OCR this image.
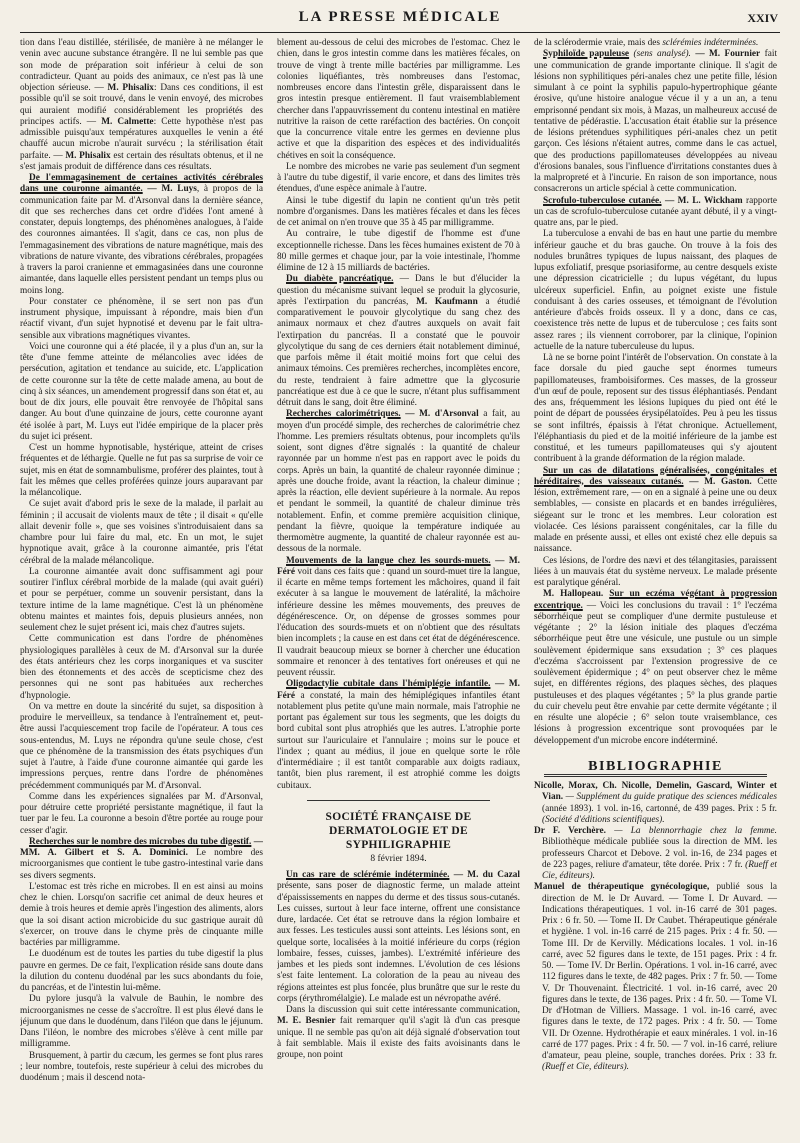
LA PRESSE MÉDICALE	XXIV

tion dans l'eau distillée, stérilisée, de manière à ne mélanger le venin avec aucune substance étrangère. Il ne lui semble pas que son mode de préparation soit inférieur à celui de son contradicteur. Quant au poids des animaux, ce n'est pas là une objection sérieuse. — M. Phisalix: Dans ces conditions, il est possible qu'il se soit trouvé, dans le venin envoyé, des microbes qui auraient modifié considérablement les propriétés des principes actifs. — M. Calmette: Cette hypothèse n'est pas admissible puisqu'aux températures auxquelles le venin a été chauffé aucun microbe n'aurait survécu ; la stérilisation était parfaite. — M. Phisalix est certain des résultats obtenus, et il ne s'est jamais produit de différence dans ces résultats.

De l'emmagasinement de certaines activités cérébrales dans une couronne aimantée. — M. Luys, à propos de la communication faite par M. d'Arsonval dans la dernière séance, dit que ses recherches dans cet ordre d'idées l'ont amené à constater, depuis longtemps, des phénomènes analogues, à l'aide des couronnes aimantées. Il s'agit, dans ce cas, non plus de l'emmagasinement des vibrations de nature magnétique, mais des vibrations de nature vivante, des vibrations cérébrales, propagées à travers la paroi cranienne et emmagasinées dans une couronne aimantée, dans laquelle elles persistent pendant un temps plus ou moins long.

Pour constater ce phénomène, il se sert non pas d'un instrument physique, impuissant à répondre, mais bien d'un réactif vivant, d'un sujet hypnotisé et devenu par le fait ultra-sensible aux vibrations magnétiques vivantes.

Voici une couronne qui a été placée, il y a plus d'un an, sur la tête d'une femme atteinte de mélancolies avec idées de persécution, agitation et tendance au suicide, etc. L'application de cette couronne sur la tête de cette malade amena, au bout de cinq à six séances, un amendement progressif dans son état et, au bout de dix jours, elle pouvait être renvoyée de l'hôpital sans danger. Au bout d'une quinzaine de jours, cette couronne ayant été isolée à part, M. Luys eut l'idée empirique de la placer près du sujet ici présent.

C'est un homme hypnotisable, hystérique, atteint de crises fréquentes et de léthargie. Quelle ne fut pas sa surprise de voir ce sujet, mis en état de somnambulisme, proférer des plaintes, tout à fait les mêmes que celles proférées quinze jours auparavant par la mélancolique.

Ce sujet avait d'abord pris le sexe de la malade, il parlait au féminin ; il accusait de violents maux de tête ; il disait « qu'elle allait devenir folle », que ses voisines s'introduisaient dans sa chambre pour lui faire du mal, etc. En un mot, le sujet hypnotique avait, grâce à la couronne aimantée, pris l'état cérébral de la malade mélancolique.

La couronne aimantée avait donc suffisamment agi pour soutirer l'influx cérébral morbide de la malade (qui avait guéri) et pour se perpétuer, comme un souvenir persistant, dans la texture intime de la lame magnétique. C'est là un phénomène obtenu maintes et maintes fois, depuis plusieurs années, non seulement chez le sujet présent ici, mais chez d'autres sujets.

Cette communication est dans l'ordre de phénomènes physiologiques parallèles à ceux de M. d'Arsonval sur la durée des états antérieurs chez les corps inorganiques et va susciter bien des étonnements et des accès de scepticisme chez des personnes qui ne sont pas habituées aux recherches d'hypnologie.

On va mettre en doute la sincérité du sujet, sa disposition à produire le merveilleux, sa tendance à l'entraînement et, peut-être aussi l'acquiescement trop facile de l'opérateur. A tous ces sous-entendus, M. Luys ne répondra qu'une seule chose, c'est que ce phénomène de la transmission des états psychiques d'un sujet à l'autre, à l'aide d'une couronne aimantée qui garde les impressions perçues, rentre dans l'ordre de phénomènes précédemment communiqués par M. d'Arsonval.

Comme dans les expériences signalées par M. d'Arsonval, pour détruire cette propriété persistante magnétique, il faut la tuer par le feu. La couronne a besoin d'être portée au rouge pour cesser d'agir.

Recherches sur le nombre des microbes du tube digestif. — MM. A. Gilbert et S. A. Dominici. Le nombre des microorganismes que contient le tube gastro-intestinal varie dans ses divers segments.

L'estomac est très riche en microbes. Il en est ainsi au moins chez le chien. Lorsqu'on sacrifie cet animal de deux heures et demie à trois heures et demie après l'ingestion des aliments, alors que la soi disant action microbicide du suc gastrique aurait dû s'exercer, on trouve dans le chyme près de cinquante mille bactéries par milligramme.

Le duodénum est de toutes les parties du tube digestif la plus pauvre en germes. De ce fait, l'explication réside sans doute dans la dilution du contenu duodénal par les sucs abondants du foie, du pancréas, et de l'intestin lui-même.

Du pylore jusqu'à la valvule de Bauhin, le nombre des microorganismes ne cesse de s'accroître. Il est plus élevé dans le jéjunum que dans le duodénum, dans l'iléon que dans le jéjunum. Dans l'iléon, le nombre des microbes s'élève à cent mille par milligramme.

Brusquement, à partir du cæcum, les germes se font plus rares ; leur nombre, toutefois, reste supérieur à celui des microbes du duodénum ; mais il descend nota-

blement au-dessous de celui des microbes de l'estomac. Chez le chien, dans le gros intestin comme dans les matières fécales, on trouve de vingt à trente mille bactéries par milligramme. Les colonies liquéfiantes, très nombreuses dans l'estomac, nombreuses encore dans l'intestin grêle, disparaissent dans le gros intestin presque entièrement. Il faut vraisemblablement chercher dans l'appauvrissement du contenu intestinal en matière nutritive la raison de cette raréfaction des bactéries. On conçoit que la concurrence vitale entre les germes en devienne plus active et que la disparition des espèces et des individualités chétives en soit la conséquence.

Le nombre des microbes ne varie pas seulement d'un segment à l'autre du tube digestif, il varie encore, et dans des limites très étendues, d'une espèce animale à l'autre.

Ainsi le tube digestif du lapin ne contient qu'un très petit nombre d'organismes. Dans les matières fécales et dans les fèces de cet animal on n'en trouve que 35 à 45 par milligramme.

Au contraire, le tube digestif de l'homme est d'une exceptionnelle richesse. Dans les fèces humaines existent de 70 à 80 mille germes et chaque jour, par la voie intestinale, l'homme élimine de 12 à 15 milliards de bactéries.

Du diabète pancréatique. — Dans le but d'élucider la question du mécanisme suivant lequel se produit la glycosurie, après l'extirpation du pancréas, M. Kaufmann a étudié comparativement le pouvoir glycolytique du sang chez des animaux normaux et chez d'autres auxquels on avait fait l'extirpation du pancréas. Il a constaté que le pouvoir glycolytique du sang de ces derniers était notablement diminué, que parfois même il était moitié moins fort que celui des animaux témoins. Ces premières recherches, incomplètes encore, du reste, tendraient à faire admettre que la glycosurie pancréatique est due à ce que le sucre, n'étant plus suffisamment détruit dans le sang, doit être éliminé.

Recherches calorimétriques. — M. d'Arsonval a fait, au moyen d'un procédé simple, des recherches de calorimétrie chez l'homme. Les premiers résultats obtenus, pour incomplets qu'ils soient, sont dignes d'être signalés : la quantité de chaleur rayonnée par un homme n'est pas en rapport avec le poids du corps. Après un bain, la quantité de chaleur rayonnée diminue ; après une douche froide, avant la réaction, la chaleur diminue ; après la réaction, elle devient supérieure à la normale. Au repos et pendant le sommeil, la quantité de chaleur diminue très notablement. Enfin, et comme première acquisition clinique, pendant la fièvre, quoique la température indiquée au thermomètre augmente, la quantité de chaleur rayonnée est au-dessous de la normale.

Mouvements de la langue chez les sourds-muets. — M. Féré voit dans ces faits que : quand un sourd-muet tire la langue, il écarte en même temps fortement les mâchoires, quand il fait exécuter à sa langue le mouvement de latéralité, la mâchoire inférieure dessine les mêmes mouvements, des preuves de dégénérescence. Or, on dépense de grosses sommes pour l'éducation des sourds-muets et on n'obtient que des résultats bien incomplets ; la cause en est dans cet état de dégénérescence. Il vaudrait beaucoup mieux se borner à chercher une éducation sommaire et renoncer à des tentatives fort onéreuses et qui ne peuvent réussir.

Oligodactylie cubitale dans l'hémiplégie infantile. — M. Féré a constaté, la main des hémiplégiques infantiles étant notablement plus petite qu'une main normale, mais l'atrophie ne portant pas également sur tous les segments, que les doigts du bord cubital sont plus atrophiés que les autres. L'atrophie porte surtout sur l'auriculaire et l'annulaire ; moins sur le pouce et l'index ; quant au médius, il joue en quelque sorte le rôle d'intermédiaire ; il est tantôt comparable aux doigts radiaux, tantôt, bien plus rarement, il est atrophié comme les doigts cubitaux.

SOCIÉTÉ FRANÇAISE DE DERMATOLOGIE ET DE SYPHILIGRAPHIE
8 février 1894.

Un cas rare de sclérémie indéterminée. — M. du Cazal présente, sans poser de diagnostic ferme, un malade atteint d'épaississements en nappes du derme et des tissus sous-cutanés. Les cuisses, surtout à leur face interne, offrent une consistance dure, lardacée. Cet état se retrouve dans la région lombaire et aux fesses. Les testicules aussi sont atteints. Les lésions sont, en quelque sorte, localisées à la moitié inférieure du corps (région lombaire, fesses, cuisses, jambes). L'extrémité inférieure des jambes et les pieds sont indemnes. L'évolution de ces lésions s'est faite lentement. La coloration de la peau au niveau des régions atteintes est plus foncée, plus brunâtre que sur le reste du corps (érythromélalgie). Le malade est un névropathe avéré.

Dans la discussion qui suit cette intéressante communication, M. E. Besnier fait remarquer qu'il s'agit là d'un cas presque unique. Il ne semble pas qu'on ait déjà signalé d'observation tout à fait semblable. Mais il existe des faits avoisinants dans le groupe, non point

de la sclérodermie vraie, mais des sclérémies indéterminées.

Syphiloïde papuleuse (sens analysé). — M. Fournier fait une communication de grande importante clinique. Il s'agit de lésions non syphilitiques péri-anales chez une petite fille, lésion simulant à ce point la syphilis papulo-hypertrophique géante érosive, qu'une histoire analogue vécue il y a un an, a tenu emprisonné pendant six mois, à Mazas, un malheureux accusé de tentative de pédérastie. L'accusation était établie sur la présence de lésions prétendues syphilitiques péri-anales chez un petit garçon. Ces lésions n'étaient autres, comme dans le cas actuel, que des productions papillomateuses développées au niveau d'érosions banales, sous l'influence d'irritations constantes dues à la malpropreté et à l'incurie. En raison de son importance, nous consacrerons un article spécial à cette communication.

Scrofulo-tuberculose cutanée. — M. L. Wickham rapporte un cas de scrofulo-tuberculose cutanée ayant débuté, il y a vingt-quatre ans, par le pied.

La tuberculose a envahi de bas en haut une partie du membre inférieur gauche et du bras gauche. On trouve à la fois des nodules brunâtres typiques de lupus naissant, des plaques de lupus exfoliatif, presque psoriasiforme, au centre desquels existe une dépression cicatricielle ; du lupus végétant, du lupus ulcéreux superficiel. Enfin, au poignet existe une fistule conduisant à des caries osseuses, et témoignant de l'évolution antérieure d'abcès froids osseux. Il y a donc, dans ce cas, coexistence très nette de lupus et de tuberculose ; ces faits sont assez rares ; ils viennent corroborer, par la clinique, l'opinion actuelle de la nature tuberculeuse du lupus.

Là ne se borne point l'intérêt de l'observation. On constate à la face dorsale du pied gauche sept énormes tumeurs papillomateuses, framboisiformes. Ces masses, de la grosseur d'un œuf de poule, reposent sur des tissus éléphantiasés. Pendant des ans, fréquemment les lésions lupiques du pied ont été le point de départ de poussées érysipélatoïdes. Peu à peu les tissus se sont infiltrés, épaissis à l'état chronique. Actuellement, l'éléphantiasis du pied et de la moitié inférieure de la jambe est constitué, et les tumeurs papillomateuses qui s'y ajoutent contribuent à la grande déformation de la région malade.

Sur un cas de dilatations généralisées, congénitales et héréditaires, des vaisseaux cutanés. — M. Gaston. Cette lésion, extrêmement rare, — on en a signalé à peine une ou deux semblables, — consiste en placards et en bandes irrégulières, siégeant sur le tronc et les membres. Leur coloration est violacée. Ces lésions paraissent congénitales, car la fille du malade en présente aussi, et elles ont existé chez elle depuis sa naissance.

Ces lésions, de l'ordre des nævi et des télangitasies, paraissent liées à un mauvais état du système nerveux. Le malade présente est paralytique général.

M. Hallopeau. Sur un eczéma végétant à progression excentrique. — Voici les conclusions du travail : 1° l'eczéma séborrhéique peut se compliquer d'une dermite pustuleuse et végétante ; 2° la lésion initiale des plaques d'eczéma séborrhéique peut être une vésicule, une pustule ou un simple soulèvement épidermique sans exsudation ; 3° ces plaques d'eczéma s'accroissent par l'extension progressive de ce soulèvement épidermique ; 4° on peut observer chez le même sujet, en différentes régions, des plaques sèches, des plaques pustuleuses et des plaques végétantes ; 5° la plus grande partie du cuir chevelu peut être envahie par cette dermite végétante ; il en résulte une alopécie ; 6° selon toute vraisemblance, ces lésions à progression excentrique sont provoquées par le développement d'un microbe encore indéterminé.

BIBLIOGRAPHIE

Nicolle, Morax, Ch. Nicolle, Demelin, Gascard, Winter et Vian. — Supplément du guide pratique des sciences médicales (année 1893). 1 vol. in-16, cartonné, de 439 pages. Prix : 5 fr. (Société d'éditions scientifiques).

Dr F. Verchère. — La blennorrhagie chez la femme. Bibliothèque médicale publiée sous la direction de MM. les professeurs Charcot et Debove. 2 vol. in-16, de 234 pages et de 223 pages, reliure d'amateur, tête dorée. Prix : 7 fr. (Rueff et Cie, éditeurs).

Manuel de thérapeutique gynécologique, publié sous la direction de M. le Dr Auvard. — Tome I. Dr Auvard. — Indications thérapeutiques. 1 vol. in-16 carré de 301 pages. Prix : 6 fr. 50. — Tome II. Dr Caubet. Thérapeutique générale et hygiène. 1 vol. in-16 carré de 215 pages. Prix : 4 fr. 50. — Tome III. Dr de Kervilly. Médications locales. 1 vol. in-16 carré, avec 52 figures dans le texte, de 151 pages. Prix : 4 fr. 50. — Tome IV. Dr Berlin. Opérations. 1 vol. in-16 carré, avec 112 figures dans le texte, de 482 pages. Prix : 7 fr. 50. — Tome V. Dr Thouvenaint. Électricité. 1 vol. in-16 carré, avec 20 figures dans le texte, de 136 pages. Prix : 4 fr. 50. — Tome VI. Dr d'Hotman de Villiers. Massage. 1 vol. in-16 carré, avec figures dans le texte, de 172 pages. Prix : 4 fr. 50. — Tome VII. Dr Ozenne. Hydrothérapie et eaux minérales. 1 vol. in-16 carré de 177 pages. Prix : 4 fr. 50. — 7 vol. in-16 carré, reliure d'amateur, peau pleine, souple, tranches dorées. Prix : 33 fr. (Rueff et Cie, éditeurs).
